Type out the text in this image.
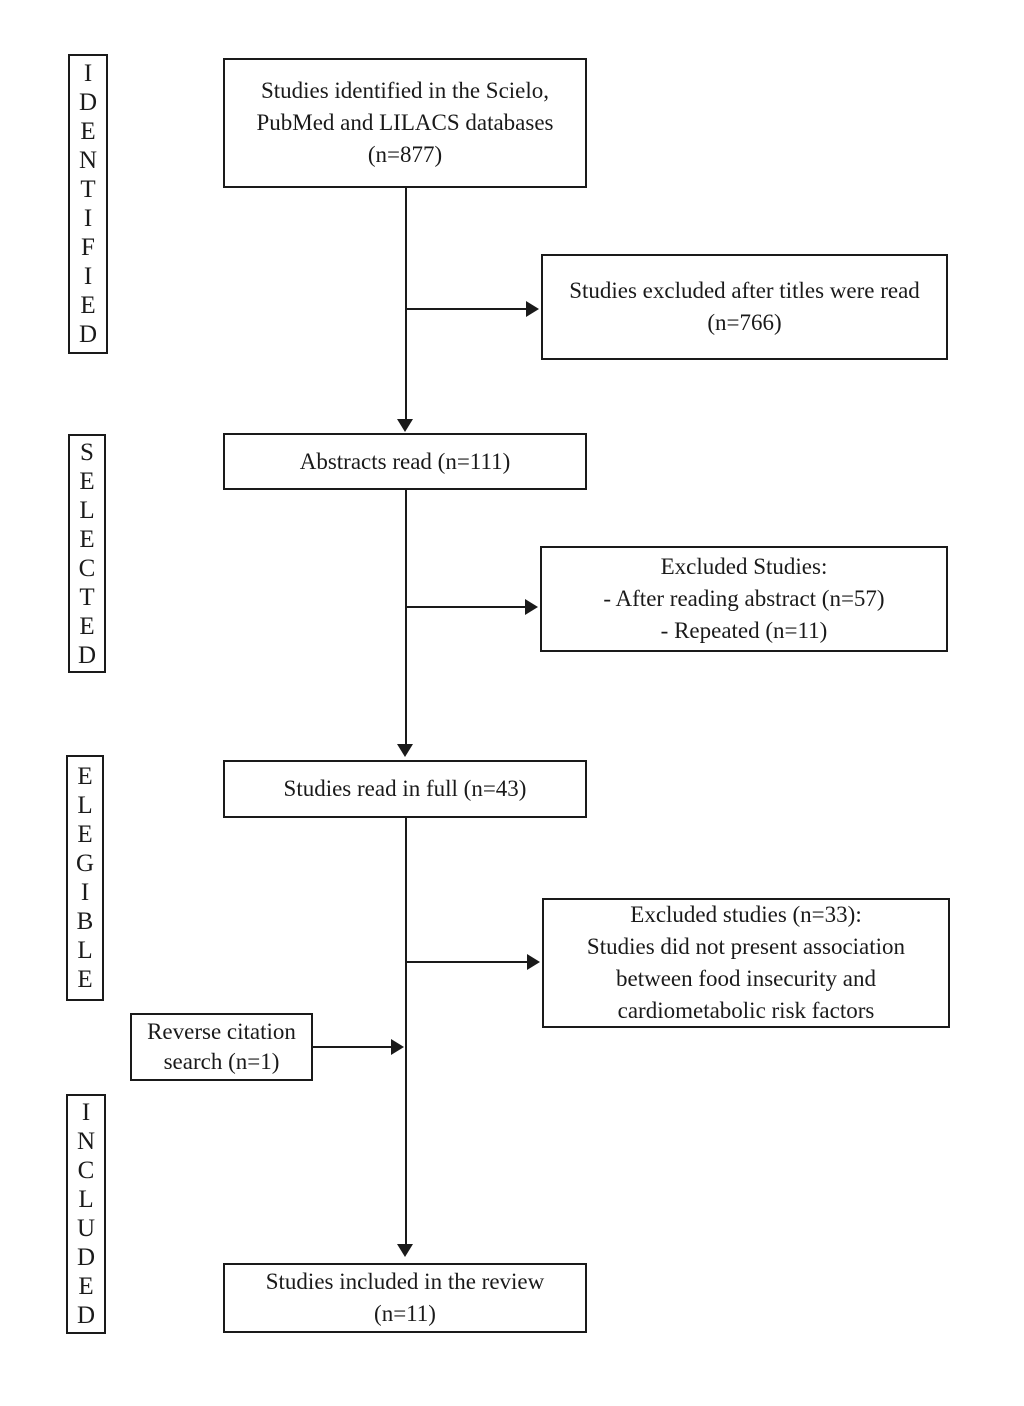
I
D
E
N
T
I
F
I
E
D
S
E
L
E
C
T
E
D
E
L
E
G
I
B
L
E
I
N
C
L
U
D
E
D
Studies identified in the Scielo,
PubMed and LILACS databases
(n=877)
Abstracts read (n=111)
Studies read in full (n=43)
Studies included in the review
(n=11)
Studies excluded after titles were read
(n=766)
Excluded Studies:
- After reading abstract (n=57)
- Repeated (n=11)
Excluded studies (n=33):
Studies did not present association
between food insecurity and
cardiometabolic risk factors
Reverse citation
search (n=1)
